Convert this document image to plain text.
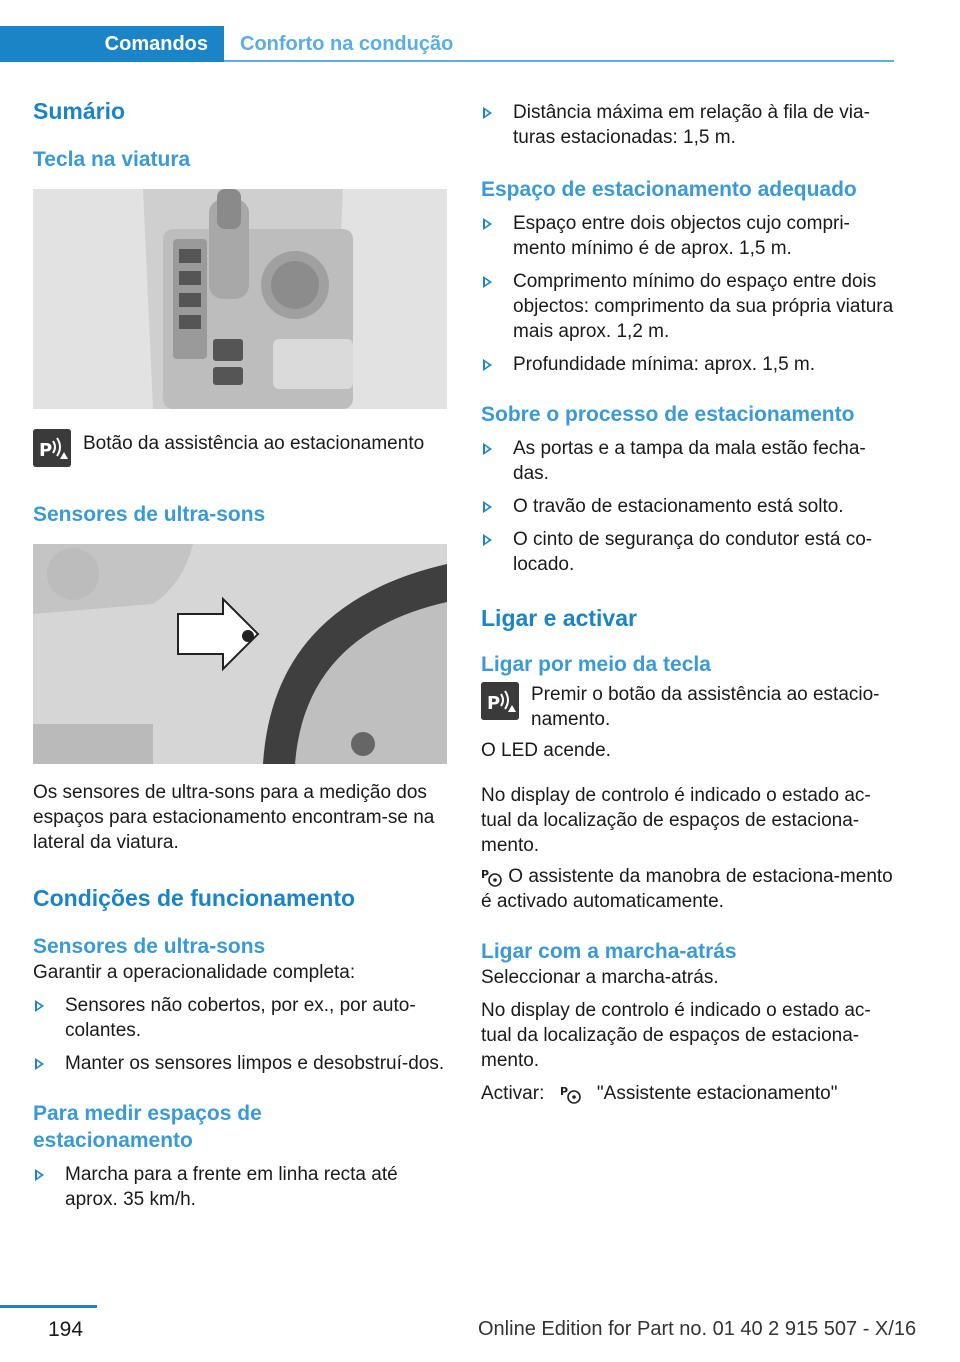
Comandos	Conforto na condução
Sumário
Tecla na viatura
P Botão da assistência ao estacionamento

Sensores de ultra-sons

Os sensores de ultra-sons para a medição dos espaços para estacionamento encontram-se na lateral da viatura.

Condições de funcionamento
Sensores de ultra-sons

Garantir a operacionalidade completa:

Sensores não cobertos, por ex., por auto-colantes.
Manter os sensores limpos e desobstruí-dos.
Para medir espaços de estacionamento
Marcha para a frente em linha recta até aprox. 35 km/h.
Distância máxima em relação à fila de via-turas estacionadas: 1,5 m.
Espaço de estacionamento adequado
Espaço entre dois objectos cujo compri-mento mínimo é de aprox. 1,5 m.
Comprimento mínimo do espaço entre dois objectos: comprimento da sua própria viatura mais aprox. 1,2 m.
Profundidade mínima: aprox. 1,5 m.
Sobre o processo de estacionamento
As portas e a tampa da mala estão fecha-das.
O travão de estacionamento está solto.
O cinto de segurança do condutor está co-locado.
Ligar e activar
Ligar por meio da tecla
P Premir o botão da assistência ao estacio-namento.

O LED acende.

No display de controlo é indicado o estado ac-tual da localização de espaços de estaciona-mento.

P O assistente da manobra de estaciona-mento é activado automaticamente.

Ligar com a marcha-atrás

Seleccionar a marcha-atrás.

No display de controlo é indicado o estado ac-tual da localização de espaços de estaciona-mento.

Activar: P "Assistente estacionamento"

194	Online Edition for Part no. 01 40 2 915 507 - X/16
